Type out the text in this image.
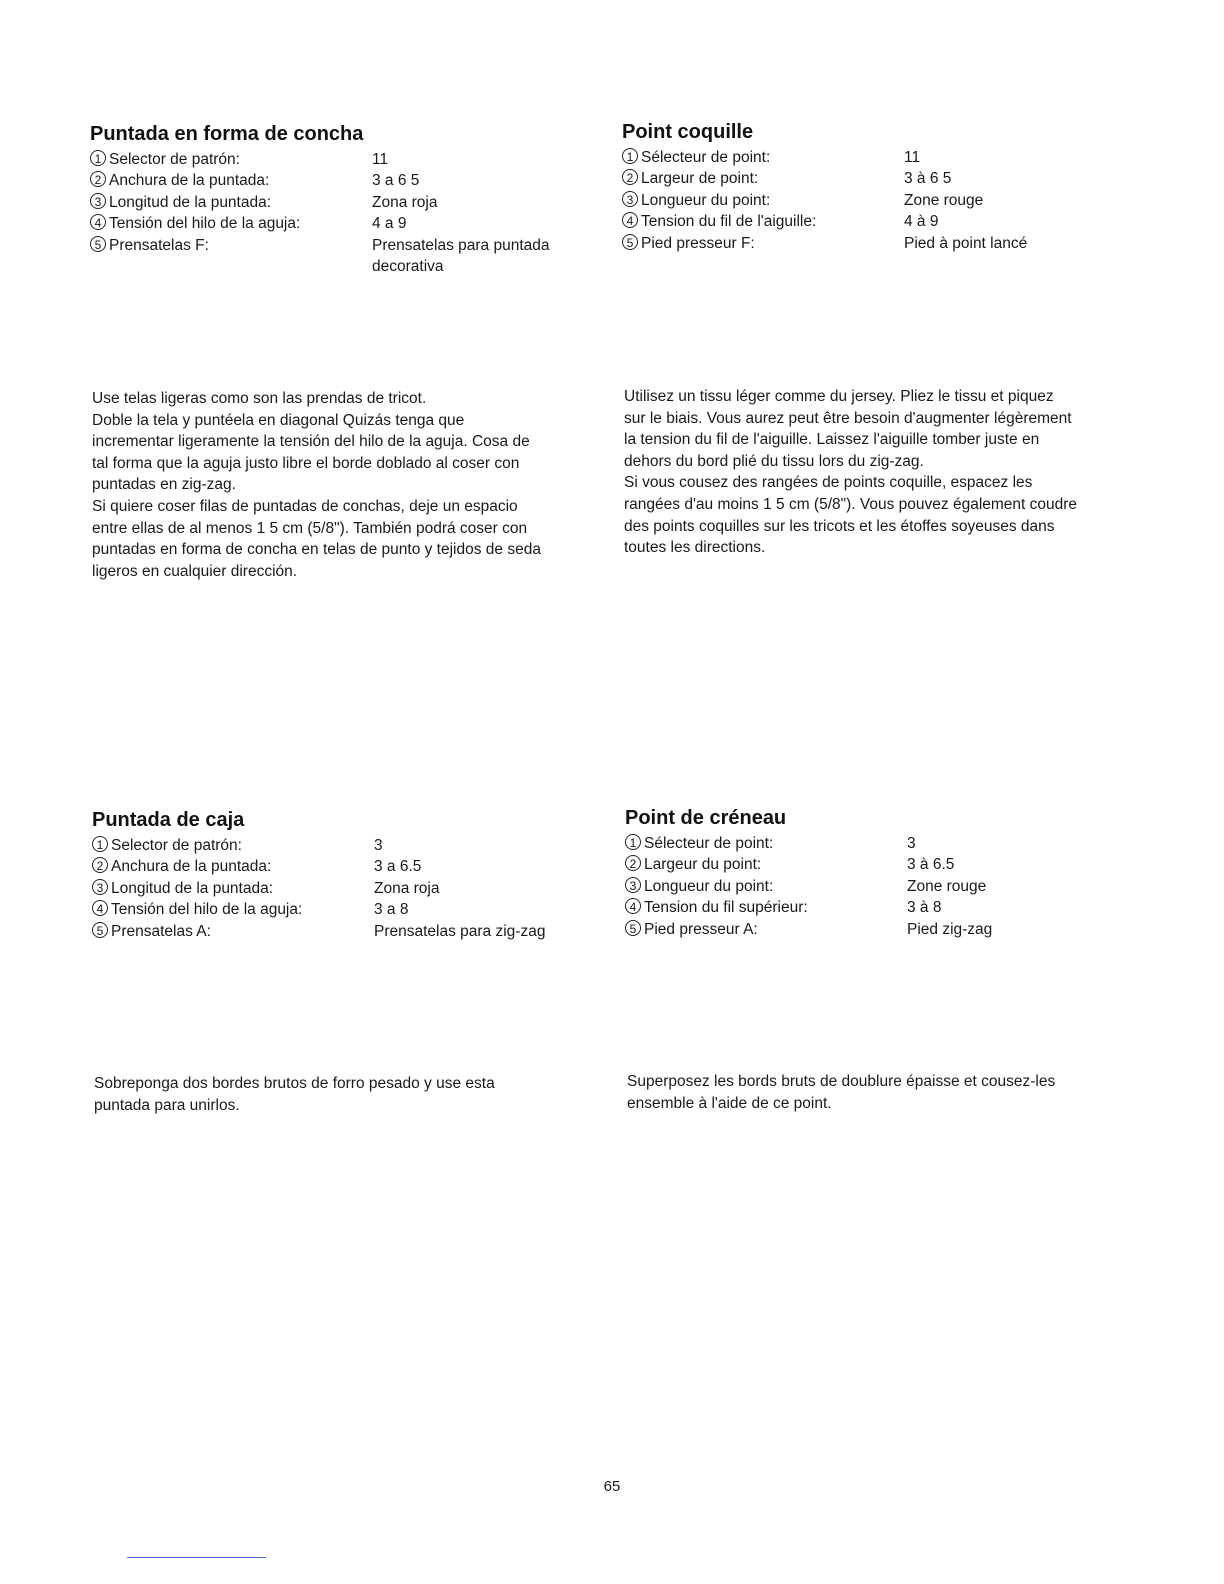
Puntada en forma de concha
1 Selector de patrón:	11
2 Anchura de la puntada:	3 a 6 5
3 Longitud de la puntada:	Zona roja
4 Tensión del hilo de la aguja:	4 a 9
5 Prensatelas F:	Prensatelas para puntada
decorativa

Use telas ligeras como son las prendas de tricot.
Doble la tela y puntéela en diagonal Quizás tenga que
incrementar ligeramente la tensión del hilo de la aguja. Cosa de
tal forma que la aguja justo libre el borde doblado al coser con
puntadas en zig-zag.
Si quiere coser filas de puntadas de conchas, deje un espacio
entre ellas de al menos 1 5 cm (5/8"). También podrá coser con
puntadas en forma de concha en telas de punto y tejidos de seda
ligeros en cualquier dirección.

Point coquille
1 Sélecteur de point:	11
2 Largeur de point:	3 à 6 5
3 Longueur du point:	Zone rouge
4 Tension du fil de l'aiguille:	4 à 9
5 Pied presseur F:	Pied à point lancé

Utilisez un tissu léger comme du jersey. Pliez le tissu et piquez
sur le biais. Vous aurez peut être besoin d'augmenter légèrement
la tension du fil de l'aiguille. Laissez l'aiguille tomber juste en
dehors du bord plié du tissu lors du zig-zag.
Si vous cousez des rangées de points coquille, espacez les
rangées d'au moins 1 5 cm (5/8"). Vous pouvez également coudre
des points coquilles sur les tricots et les étoffes soyeuses dans
toutes les directions.

Puntada de caja
1 Selector de patrón:	3
2 Anchura de la puntada:	3 a 6.5
3 Longitud de la puntada:	Zona roja
4 Tensión del hilo de la aguja:	3 a 8
5 Prensatelas A:	Prensatelas para zig-zag

Sobreponga dos bordes brutos de forro pesado y use esta
puntada para unirlos.

Point de créneau
1 Sélecteur de point:	3
2 Largeur du point:	3 à 6.5
3 Longueur du point:	Zone rouge
4 Tension du fil supérieur:	3 à 8
5 Pied presseur A:	Pied zig-zag

Superposez les bords bruts de doublure épaisse et cousez-les
ensemble à l'aide de ce point.

65
